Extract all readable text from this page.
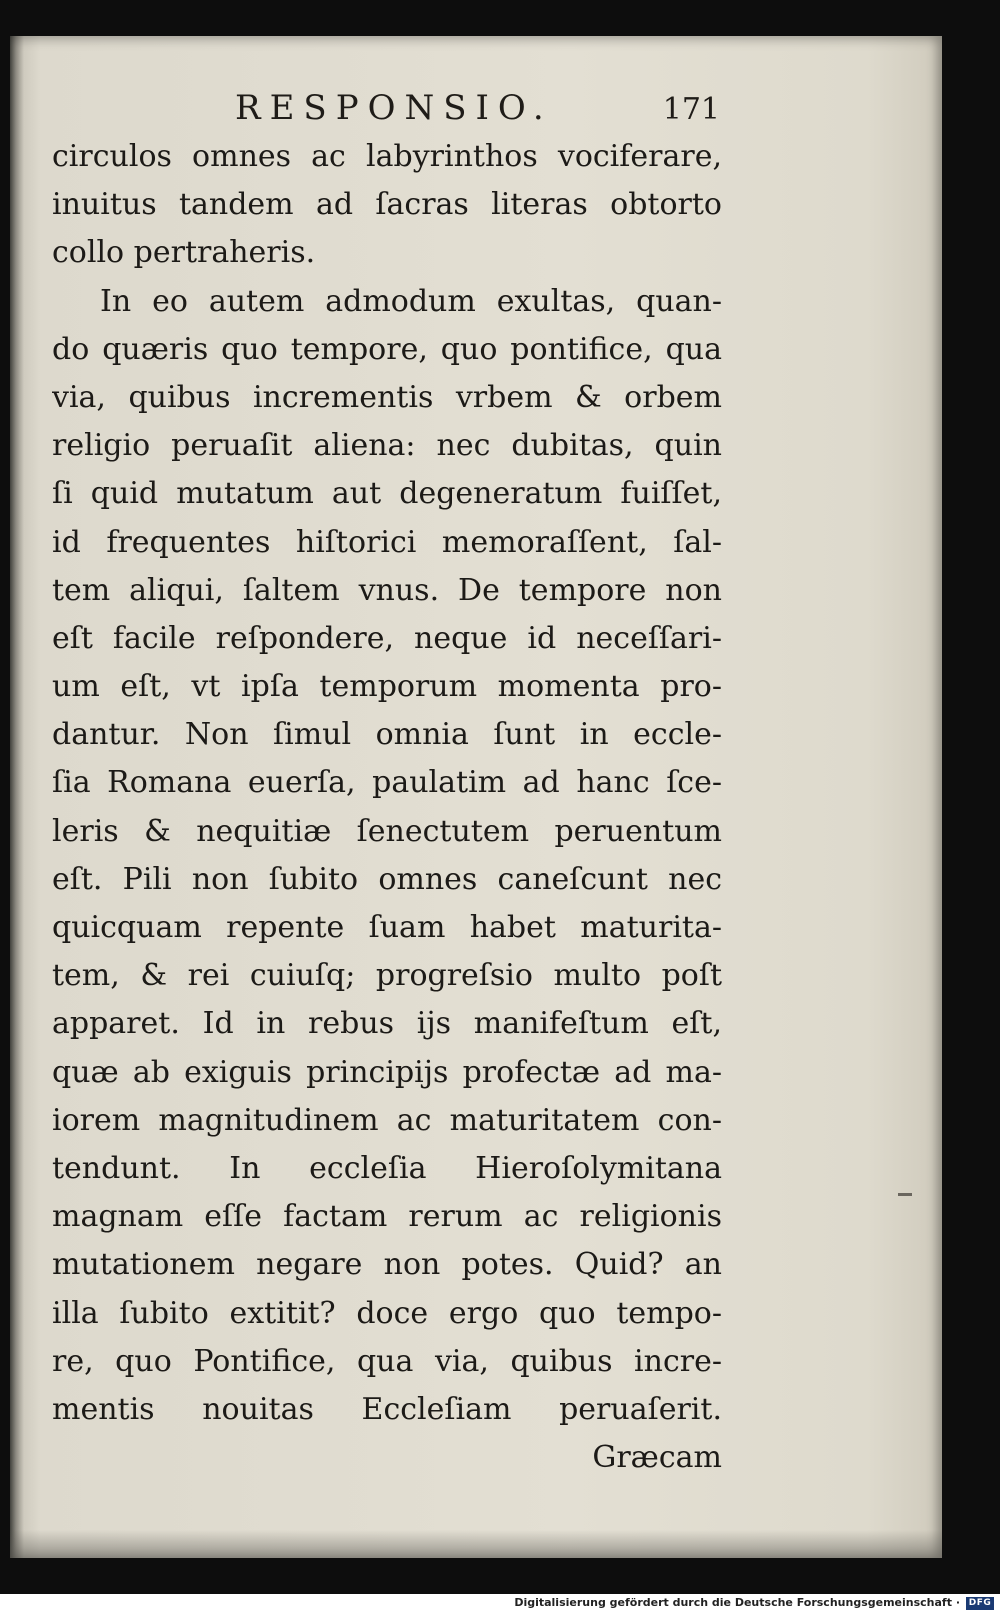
RESPONSIO.	171
circulos omnes ac labyrinthos vociferare,
inuitus tandem ad ſacras literas obtorto
collo pertraheris.
In eo autem admodum exultas, quan-
do quæris quo tempore, quo pontifice, qua
via, quibus incrementis vrbem & orbem
religio peruaſit aliena: nec dubitas, quin
ſi quid mutatum aut degeneratum fuiſſet,
id frequentes hiſtorici memoraſſent, ſal-
tem aliqui, ſaltem vnus. De tempore non
eſt facile reſpondere, neque id neceſſari-
um eſt, vt ipſa temporum momenta pro-
dantur. Non ſimul omnia ſunt in eccle-
ſia Romana euerſa, paulatim ad hanc ſce-
leris & nequitiæ ſenectutem peruentum
eſt. Pili non ſubito omnes caneſcunt nec
quicquam repente ſuam habet maturita-
tem, & rei cuiuſq; progreſsio multo poſt
apparet. Id in rebus ijs manifeſtum eſt,
quæ ab exiguis principijs profectæ ad ma-
iorem magnitudinem ac maturitatem con-
tendunt. In eccleſia Hieroſolymitana
magnam eſſe factam rerum ac religionis
mutationem negare non potes. Quid? an
illa ſubito extitit? doce ergo quo tempo-
re, quo Pontifice, qua via, quibus incre-
mentis nouitas Eccleſiam peruaſerit.
Græcam
Digitalisierung gefördert durch die Deutsche Forschungsgemeinschaft · DFG
